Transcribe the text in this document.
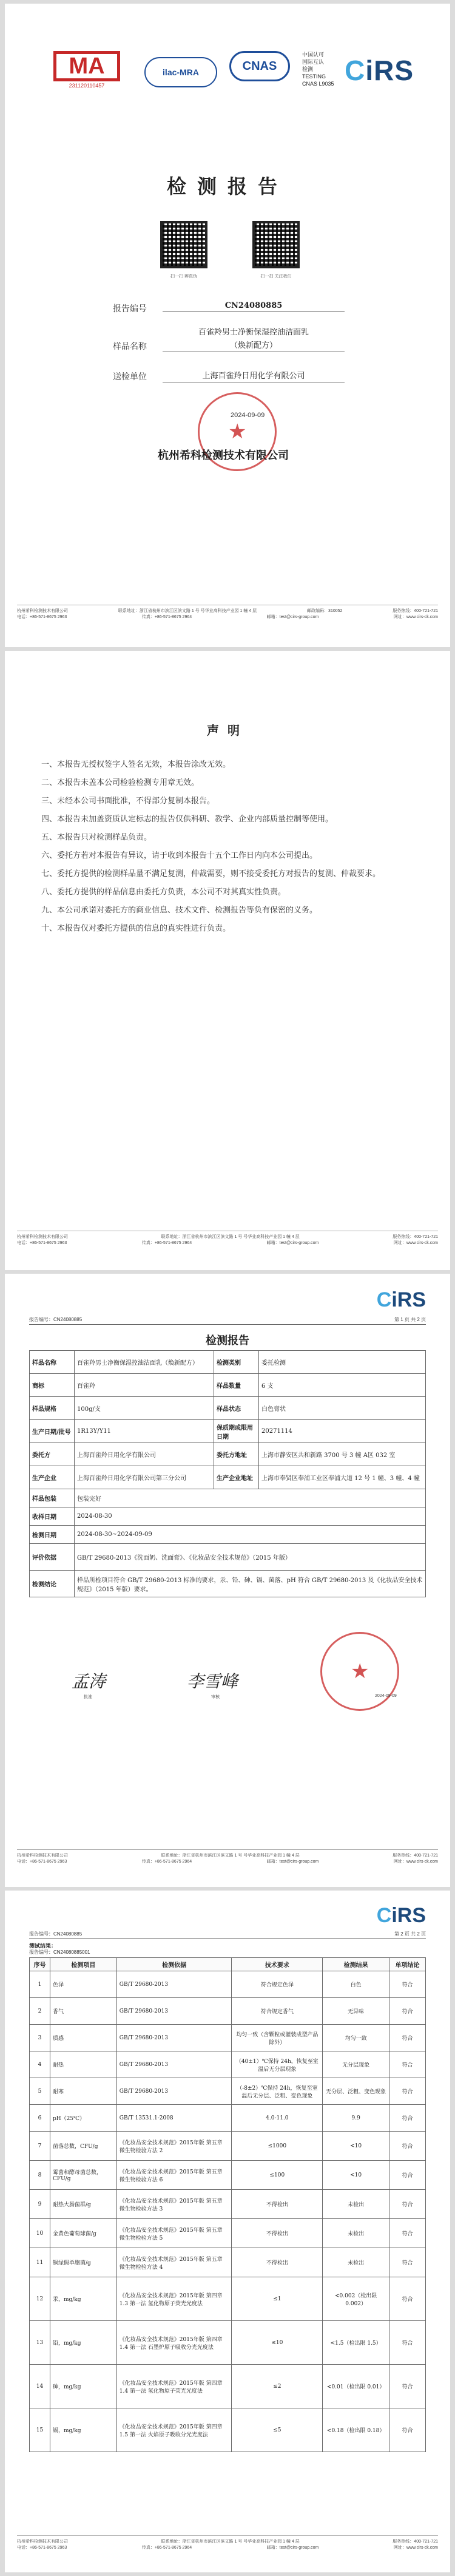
MA
231120110457
ilac-MRA	CNAS
中国认可
国际互认
检测
TESTING
CNAS L9035 CiRS
检测报告
扫一扫 辨真伪	扫一扫 关注我们
报告编号	CN24080885
样品名称
百雀羚男士净衡保湿控油洁面乳
（焕新配方）
送检单位	上海百雀羚日用化学有限公司
★
2024-09-09
杭州希科检测技术有限公司
杭州希科检测技术有限公司	联系地址：浙江省杭州市滨江区滨文路 1 号 号华业高科技产业园 1 幢 4 层	邮政编码：310052	服务热线：400-721-721
电话：+86-571-8675 2963	传真：+86-571-8675 2964	邮箱：test@cirs-group.com	网址：www.cirs-ck.com
声明

一、本报告无授权签字人签名无效，本报告涂改无效。

二、本报告未盖本公司检验检测专用章无效。

三、未经本公司书面批准，不得部分复制本报告。

四、本报告未加盖资质认定标志的报告仅供科研、教学、企业内部质量控制等使用。

五、本报告只对检测样品负责。

六、委托方若对本报告有异议，请于收到本报告十五个工作日内向本公司提出。

七、委托方提供的检测样品量不满足复测，仲裁需要，则不接受委托方对报告的复测、仲裁要求。

八、委托方提供的样品信息由委托方负责，本公司不对其真实性负责。

九、本公司承诺对委托方的商业信息、技术文件、检测报告等负有保密的义务。

十、本报告仅对委托方提供的信息的真实性进行负责。

杭州希科检测技术有限公司	联系地址：浙江省杭州市滨江区滨文路 1 号 号华业高科技产业园 1 幢 4 层	服务热线：400-721-721
电话：+86-571-8675 2963	传真：+86-571-8675 2964	邮箱：test@cirs-group.com	网址：www.cirs-ck.com
CiRS
报告编号：CN24080885	第 1 页 共 2 页
检测报告
样品名称	百雀羚男士净衡保湿控油洁面乳（焕新配方）	检测类别	委托检测
商标	百雀羚	样品数量	6 支
样品规格	100g/支	样品状态	白色膏状
生产日期/批号	1R13Y/Y11	保质期或限用日期	20271114
委托方	上海百雀羚日用化学有限公司	委托方地址	上海市静安区共和新路 3700 号 3 幢 A区 032 室
生产企业	上海百雀羚日用化学有限公司第三分公司	生产企业地址	上海市奉贤区奉浦工业区奉浦大道 12 号 1 幢、3 幢、4 幢
样品包装	包装完好		
收样日期	2024-08-30		
检测日期	2024-08-30~2024-09-09		
评价依据	GB/T 29680-2013《洗面奶、洗面膏》、《化妆品安全技术规范》（2015 年版）		
检测结论	样品所检项目符合 GB/T 29680-2013 标准的要求，汞、铅、砷、镉、菌落、pH 符合 GB/T 29680-2013 及《化妆品安全技术规范》（2015 年版）要求。		
孟涛
批准
李雪峰
审核 ★	2024-09-09
杭州希科检测技术有限公司	联系地址：浙江省杭州市滨江区滨文路 1 号 号华业高科技产业园 1 幢 4 层	服务热线：400-721-721
电话：+86-571-8675 2963	传真：+86-571-8675 2964	邮箱：test@cirs-group.com	网址：www.cirs-ck.com
CiRS
报告编号：CN24080885	第 2 页 共 2 页
测试结果：
报告编号：CN24080885001
序号	检测项目	检测依据	技术要求	检测结果	单项结论
1	色泽	GB/T 29680-2013	符合规定色泽	白色	符合
2	香气	GB/T 29680-2013	符合规定香气	无异味	符合
3	质感	GB/T 29680-2013	均匀一致（含颗粒或灌装成型产品除外）	均匀一致	符合
4	耐热	GB/T 29680-2013	（40±1）℃保持 24h，恢复至室温后无分层现象	无分层现象	符合
5	耐寒	GB/T 29680-2013	（-8±2）℃保持 24h，恢复至室温后无分层、泛粗、变色现象	无分层、泛粗、变色现象	符合
6	pH（25℃）	GB/T 13531.1-2008	4.0-11.0	9.9	符合
7	菌落总数，CFU/g	《化妆品安全技术规范》2015年版 第五章 微生物检验方法 2	≤1000	<10	符合
8	霉菌和酵母菌总数，CFU/g	《化妆品安全技术规范》2015年版 第五章 微生物检验方法 6	≤100	<10	符合
9	耐热大肠菌群/g	《化妆品安全技术规范》2015年版 第五章 微生物检验方法 3	不得检出	未检出	符合
10	金黄色葡萄球菌/g	《化妆品安全技术规范》2015年版 第五章 微生物检验方法 5	不得检出	未检出	符合
11	铜绿假单胞菌/g	《化妆品安全技术规范》2015年版 第五章 微生物检验方法 4	不得检出	未检出	符合
12	汞，mg/kg	《化妆品安全技术规范》2015年版 第四章 1.3 第一法 氢化物原子荧光光度法	≤1	<0.002（检出限 0.002）	符合
13	铅，mg/kg	《化妆品安全技术规范》2015年版 第四章 1.4 第一法 石墨炉原子吸收分光光度法	≤10	<1.5（检出限 1.5）	符合
14	砷，mg/kg	《化妆品安全技术规范》2015年版 第四章 1.4 第一法 氢化物原子荧光光度法	≤2	<0.01（检出限 0.01）	符合
15	镉，mg/kg	《化妆品安全技术规范》2015年版 第四章 1.5 第一法 火焰原子吸收分光光度法	≤5	<0.18（检出限 0.18）	符合
杭州希科检测技术有限公司	联系地址：浙江省杭州市滨江区滨文路 1 号 号华业高科技产业园 1 幢 4 层	服务热线：400-721-721
电话：+86-571-8675 2963	传真：+86-571-8675 2964	邮箱：test@cirs-group.com	网址：www.cirs-ck.com
